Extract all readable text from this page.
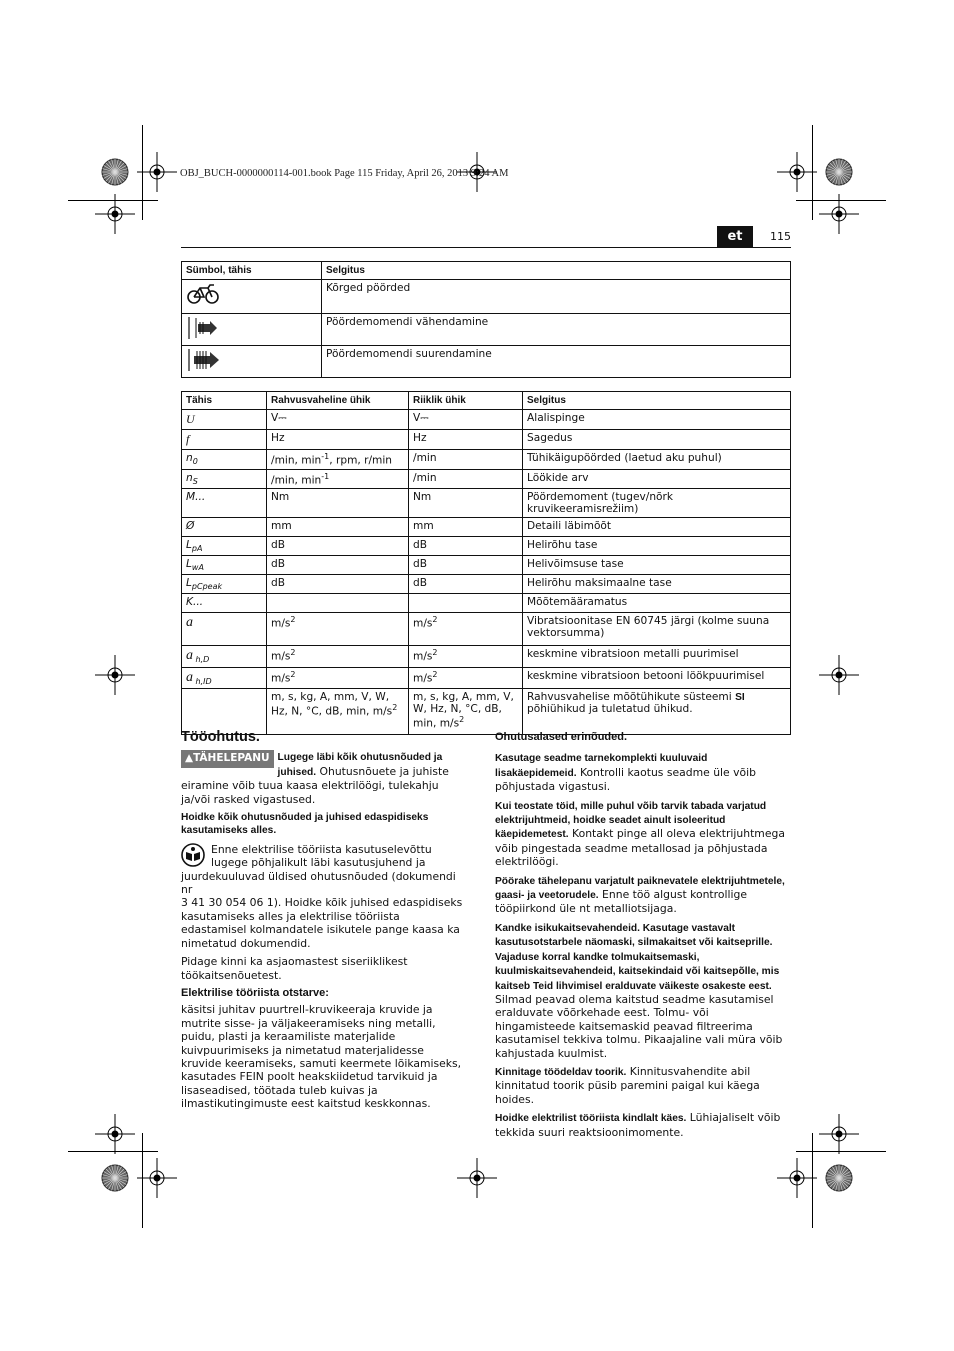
OBJ_BUCH-0000000114-001.book Page 115 Friday, April 26, 2013 9:24 AM
et	115
Sümbol, tähis	Selgitus
	Kõrged pöörded
	Pöördemomendi vähendamine
	Pöördemomendi suurendamine
Tähis	Rahvusvaheline ühik	Riiklik ühik	Selgitus
U	V⎓	V⎓	Alalispinge
f	Hz	Hz	Sagedus
$n_0$	/min, $\min^{-1}$, rpm, r/min	/min	Tühikäigupöörded (laetud aku puhul)
$n_S$	/min, $\min^{-1}$	/min	Löökide arv
M...	Nm	Nm	Pöördemoment (tugev/nõrk kruvikeeramisrežiim)
Ø	mm	mm	Detaili läbimõõt
$L_{pA}$	dB	dB	Helirõhu tase
$L_{wA}$	dB	dB	Helivõimsuse tase
$L_{pCpeak}$	dB	dB	Helirõhu maksimaalne tase
K...			Mõõtemääramatus
a	$m/s^2$	$m/s^2$	Vibratsioonitase EN 60745 järgi (kolme suuna vektorsumma)
a $_{h,D}$	$m/s^2$	$m/s^2$	keskmine vibratsioon metalli puurimisel
a $_{h,ID}$	$m/s^2$	$m/s^2$	keskmine vibratsioon betooni löökpuurimisel
	m, s, kg, A, mm, V, W, Hz, N, °C, dB, min, $m/s^2$	m, s, kg, A, mm, V, W, Hz, N, °C, dB, min, $m/s^2$	Rahvusvahelise mõõtühikute süsteemi SI põhiühikud ja tuletatud ühikud.
Tööohutus.

▲TÄHELEPANU Lugege läbi kõik ohutusnõuded ja juhised. Ohutusnõuete ja juhiste eiramine võib tuua kaasa elektrilöögi, tulekahju ja/või rasked vigastused.

Hoidke kõik ohutusnõuded ja juhised edaspidiseks kasutamiseks alles.

Enne elektrilise tööriista kasutuselevõttu lugege põhjalikult läbi kasutusjuhend ja juurdekuuluvad üldised ohutusnõuded (dokumendi nr
3 41 30 054 06 1). Hoidke kõik juhised edaspidiseks kasutamiseks alles ja elektrilise tööriista edastamisel kolmandatele isikutele pange kaasa ka nimetatud dokumendid.

Pidage kinni ka asjaomastest siseriiklikest töökaitsenõuetest.

Elektrilise tööriista otstarve:

käsitsi juhitav puurtrell-kruvikeeraja kruvide ja mutrite sisse- ja väljakeeramiseks ning metalli, puidu, plasti ja keraamiliste materjalide kuivpuurimiseks ja nimetatud materjalidesse kruvide keeramiseks, samuti keermete lõikamiseks, kasutades FEIN poolt heakskiidetud tarvikuid ja lisaseadised, töötada tuleb kuivas ja ilmastikutingimuste eest kaitstud keskkonnas.

Ohutusalased erinõuded.

Kasutage seadme tarnekomplekti kuuluvaid lisakäepidemeid. Kontrolli kaotus seadme üle võib põhjustada vigastusi.

Kui teostate töid, mille puhul võib tarvik tabada varjatud elektrijuhtmeid, hoidke seadet ainult isoleeritud käepidemetest. Kontakt pinge all oleva elektrijuhtmega võib pingestada seadme metallosad ja põhjustada elektrilöögi.

Pöörake tähelepanu varjatult paiknevatele elektrijuhtmetele, gaasi- ja veetorudele. Enne töö algust kontrollige tööpiirkond üle nt metalliotsijaga.

Kandke isikukaitsevahendeid. Kasutage vastavalt kasutusotstarbele näomaski, silmakaitset või kaitseprille. Vajaduse korral kandke tolmukaitsemaski, kuulmiskaitsevahendeid, kaitsekindaid või kaitsepõlle, mis kaitseb Teid lihvimisel eralduvate väikeste osakeste eest. Silmad peavad olema kaitstud seadme kasutamisel eralduvate võõrkehade eest. Tolmu- või hingamisteede kaitsemaskid peavad filtreerima kasutamisel tekkiva tolmu. Pikaajaline vali müra võib kahjustada kuulmist.

Kinnitage töödeldav toorik. Kinnitusvahendite abil kinnitatud toorik püsib paremini paigal kui käega hoides.

Hoidke elektrilist tööriista kindlalt käes. Lühiajaliselt võib tekkida suuri reaktsioonimomente.
